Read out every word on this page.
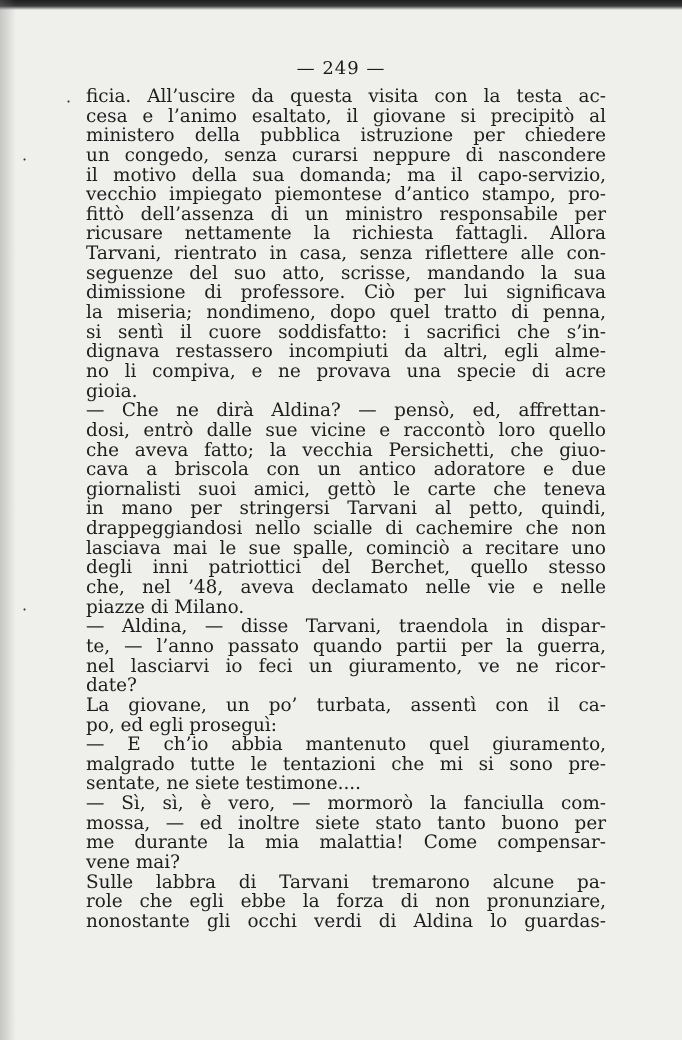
— 249 —
·
·
·
ficia. All’uscire da questa visita con la testa ac-
cesa e l’animo esaltato, il giovane si precipitò al
ministero della pubblica istruzione per chiedere
un congedo, senza curarsi neppure di nascondere
il motivo della sua domanda; ma il capo-servizio,
vecchio impiegato piemontese d’antico stampo, pro-
fittò dell’assenza di un ministro responsabile per
ricusare nettamente la richiesta fattagli. Allora
Tarvani, rientrato in casa, senza riflettere alle con-
seguenze del suo atto, scrisse, mandando la sua
dimissione di professore. Ciò per lui significava
la miseria; nondimeno, dopo quel tratto di penna,
si sentì il cuore soddisfatto: i sacrifici che s’in-
dignava restassero incompiuti da altri, egli alme-
no li compiva, e ne provava una specie di acre
gioia.
— Che ne dirà Aldina? — pensò, ed, affrettan-
dosi, entrò dalle sue vicine e raccontò loro quello
che aveva fatto; la vecchia Persichetti, che giuo-
cava a briscola con un antico adoratore e due
giornalisti suoi amici, gettò le carte che teneva
in mano per stringersi Tarvani al petto, quindi,
drappeggiandosi nello scialle di cachemire che non
lasciava mai le sue spalle, cominciò a recitare uno
degli inni patriottici del Berchet, quello stesso
che, nel ’48, aveva declamato nelle vie e nelle
piazze di Milano.
— Aldina, — disse Tarvani, traendola in dispar-
te, — l’anno passato quando partii per la guerra,
nel lasciarvi io feci un giuramento, ve ne ricor-
date?
La giovane, un po’ turbata, assentì con il ca-
po, ed egli proseguì:
— E ch’io abbia mantenuto quel giuramento,
malgrado tutte le tentazioni che mi si sono pre-
sentate, ne siete testimone....
— Sì, sì, è vero, — mormorò la fanciulla com-
mossa, — ed inoltre siete stato tanto buono per
me durante la mia malattia! Come compensar-
vene mai?
Sulle labbra di Tarvani tremarono alcune pa-
role che egli ebbe la forza di non pronunziare,
nonostante gli occhi verdi di Aldina lo guardas-
